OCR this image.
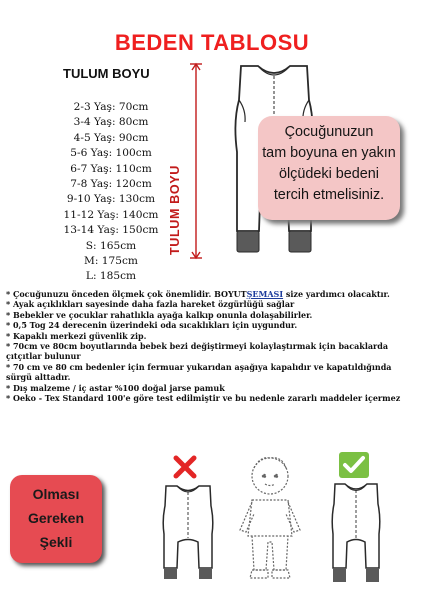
BEDEN TABLOSU
TULUM BOYU
2-3 Yaş: 70cm
3-4 Yaş: 80cm
4-5 Yaş: 90cm
5-6 Yaş: 100cm
6-7 Yaş: 110cm
7-8 Yaş: 120cm
9-10 Yaş: 130cm
11-12 Yaş: 140cm
13-14 Yaş: 150cm
S: 165cm
M: 175cm
L: 185cm
TULUM BOYU
Çocuğunuzun
tam boyuna en yakın
ölçüdeki bedeni
tercih etmelisiniz.
* Çocuğunuzu önceden ölçmek çok önemlidir. BOYUTŞEMASI size yardımcı olacaktır.
* Ayak açıklıkları sayesinde daha fazla hareket özgürlüğü sağlar
* Bebekler ve çocuklar rahatlıkla ayağa kalkıp onunla dolaşabilirler.
* 0,5 Tog 24 derecenin üzerindeki oda sıcaklıkları için uygundur.
* Kapaklı merkezi güvenlik zip.
* 70cm ve 80cm boyutlarında bebek bezi değiştirmeyi kolaylaştırmak için bacaklarda çıtçıtlar bulunur
* 70 cm ve 80 cm bedenler için fermuar yukarıdan aşağıya kapalıdır ve kapatıldığında sürgü alttadır.
* Dış malzeme / iç astar %100 doğal jarse pamuk
* Oeko - Tex Standard 100'e göre test edilmiştir ve bu nedenle zararlı maddeler içermez
Olması
Gereken
Şekli
